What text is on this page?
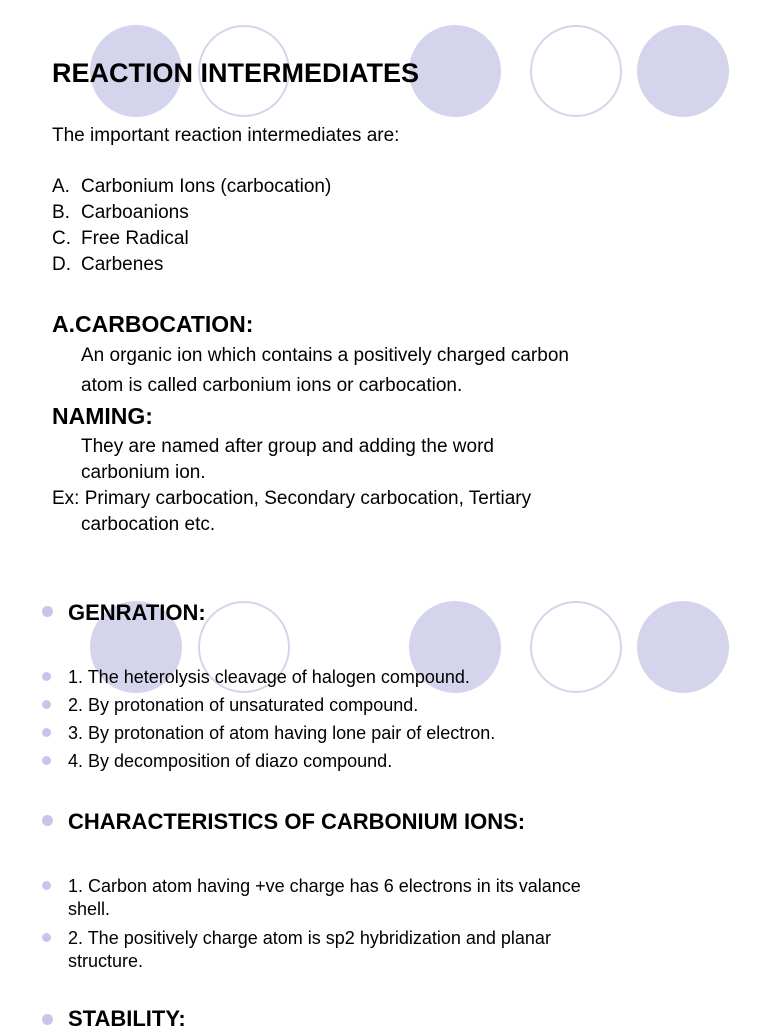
REACTION INTERMEDIATES

The important reaction intermediates are:

A. Carbonium Ions (carbocation)
B. Carboanions
C. Free Radical
D. Carbenes
A.CARBOCATION:
An organic ion which contains a positively charged carbon
atom is called carbonium ions or carbocation.
NAMING:
They are named after group and adding the word
carbonium ion.
Ex: Primary carbocation, Secondary carbocation, Tertiary
carbocation etc.
GENRATION:
1. The heterolysis cleavage of halogen compound.
2. By protonation of unsaturated compound.
3. By protonation of atom having lone pair of electron.
4. By decomposition of diazo compound.
CHARACTERISTICS OF CARBONIUM IONS:
1. Carbon atom having +ve charge has 6 electrons in its valance
shell.
2. The positively charge atom is sp2 hybridization and planar
structure.
STABILITY:
